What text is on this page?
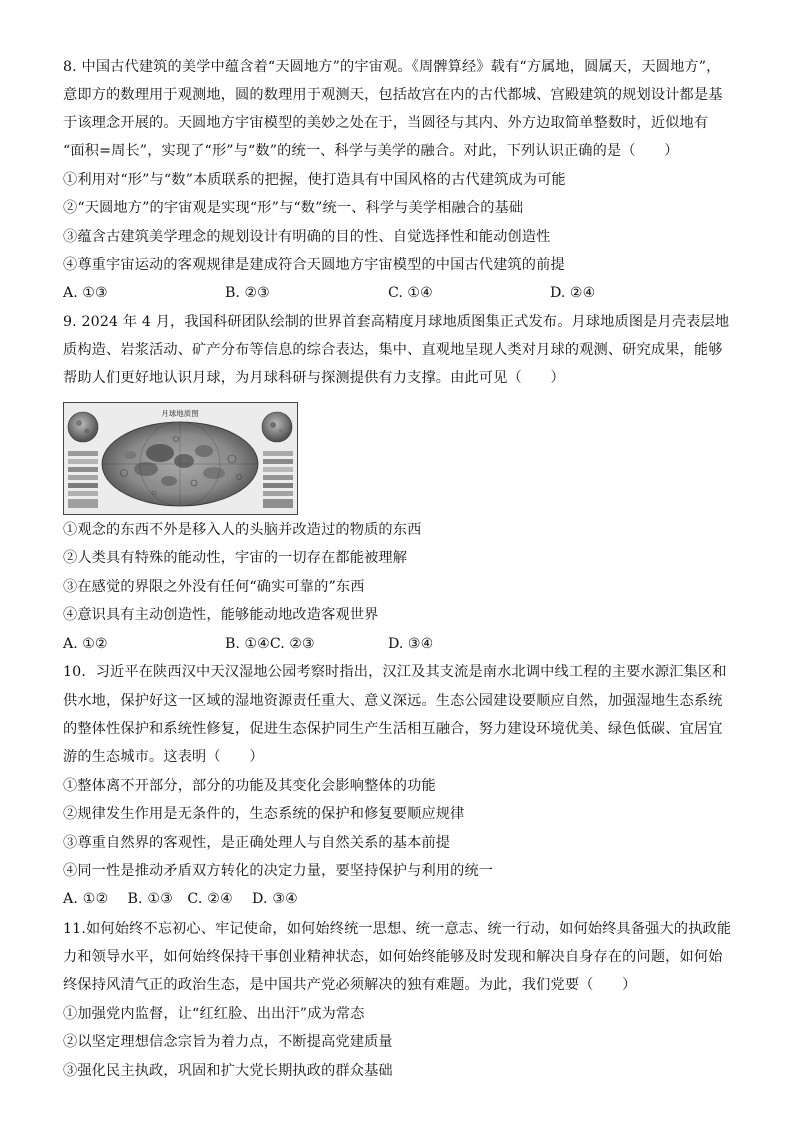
8. 中国古代建筑的美学中蕴含着“天圆地方”的宇宙观。《周髀算经》载有“方属地，圆属天，天圆地方”，
意即方的数理用于观测地，圆的数理用于观测天，包括故宫在内的古代都城、宫殿建筑的规划设计都是基
于该理念开展的。天圆地方宇宙模型的美妙之处在于，当圆径与其内、外方边取简单整数时，近似地有
“面积=周长”，实现了“形”与“数”的统一、科学与美学的融合。对此，下列认识正确的是（　　）
①利用对“形”与“数”本质联系的把握，使打造具有中国风格的古代建筑成为可能
②“天圆地方”的宇宙观是实现“形”与“数”统一、科学与美学相融合的基础
③蕴含古建筑美学理念的规划设计有明确的目的性、自觉选择性和能动创造性
④尊重宇宙运动的客观规律是建成符合天圆地方宇宙模型的中国古代建筑的前提
A. ①③	B. ②③	C. ①④	D. ②④
9. 2024 年 4 月，我国科研团队绘制的世界首套高精度月球地质图集正式发布。月球地质图是月壳表层地
质构造、岩浆活动、矿产分布等信息的综合表达，集中、直观地呈现人类对月球的观测、研究成果，能够
帮助人们更好地认识月球，为月球科研与探测提供有力支撑。由此可见（　　）
月球地质图
①观念的东西不外是移入人的头脑并改造过的物质的东西
②人类具有特殊的能动性，宇宙的一切存在都能被理解
③在感觉的界限之外没有任何“确实可靠的”东西
④意识具有主动创造性，能够能动地改造客观世界
A. ①②	B. ①④C. ②③	D. ③④
10．习近平在陕西汉中天汉湿地公园考察时指出，汉江及其支流是南水北调中线工程的主要水源汇集区和
供水地，保护好这一区域的湿地资源责任重大、意义深远。生态公园建设要顺应自然，加强湿地生态系统
的整体性保护和系统性修复，促进生态保护同生产生活相互融合，努力建设环境优美、绿色低碳、宜居宜
游的生态城市。这表明（　　）
①整体离不开部分，部分的功能及其变化会影响整体的功能
②规律发生作用是无条件的，生态系统的保护和修复要顺应规律
③尊重自然界的客观性，是正确处理人与自然关系的基本前提
④同一性是推动矛盾双方转化的决定力量，要坚持保护与利用的统一
A. ①②　 B. ①③　C. ②④　 D. ③④
11.如何始终不忘初心、牢记使命，如何始终统一思想、统一意志、统一行动，如何始终具备强大的执政能
力和领导水平，如何始终保持干事创业精神状态，如何始终能够及时发现和解决自身存在的问题，如何始
终保持风清气正的政治生态，是中国共产党必须解决的独有难题。为此，我们党要（　　）
①加强党内监督，让“红红脸、出出汗”成为常态
②以坚定理想信念宗旨为着力点，不断提高党建质量
③强化民主执政，巩固和扩大党长期执政的群众基础
